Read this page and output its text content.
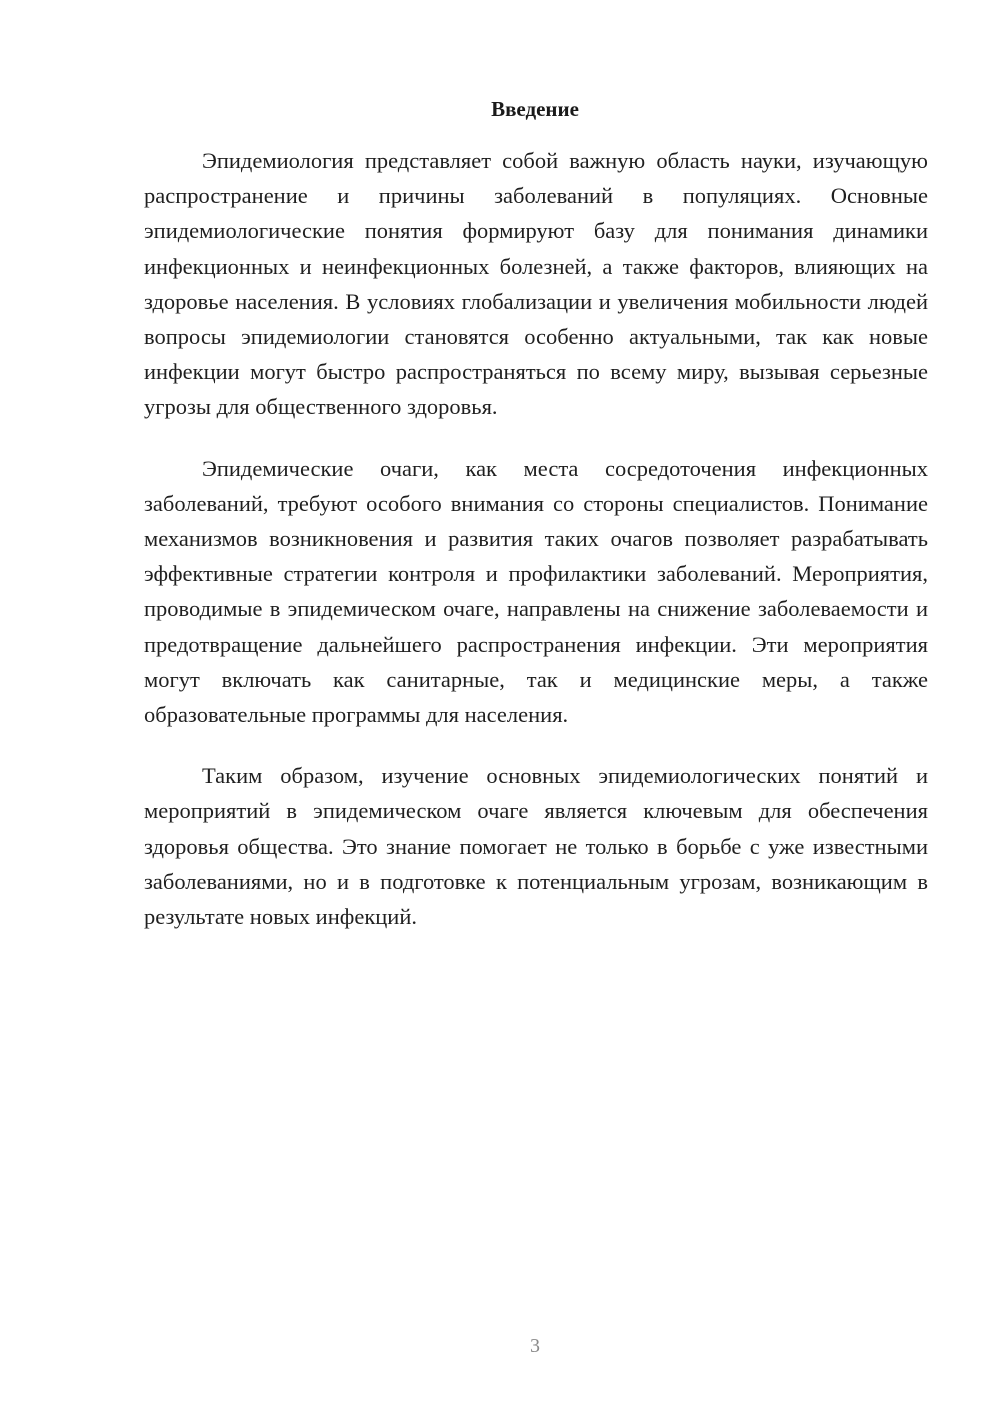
Введение

Эпидемиология представляет собой важную область науки, изучающую распространение и причины заболеваний в популяциях. Основные эпидемиологические понятия формируют базу для понимания динамики инфекционных и неинфекционных болезней, а также факторов, влияющих на здоровье населения. В условиях глобализации и увеличения мобильности людей вопросы эпидемиологии становятся особенно актуальными, так как новые инфекции могут быстро распространяться по всему миру, вызывая серьезные угрозы для общественного здоровья.

Эпидемические очаги, как места сосредоточения инфекционных заболеваний, требуют особого внимания со стороны специалистов. Понимание механизмов возникновения и развития таких очагов позволяет разрабатывать эффективные стратегии контроля и профилактики заболеваний. Мероприятия, проводимые в эпидемическом очаге, направлены на снижение заболеваемости и предотвращение дальнейшего распространения инфекции. Эти мероприятия могут включать как санитарные, так и медицинские меры, а также образовательные программы для населения.

Таким образом, изучение основных эпидемиологических понятий и мероприятий в эпидемическом очаге является ключевым для обеспечения здоровья общества. Это знание помогает не только в борьбе с уже известными заболеваниями, но и в подготовке к потенциальным угрозам, возникающим в результате новых инфекций.

3
